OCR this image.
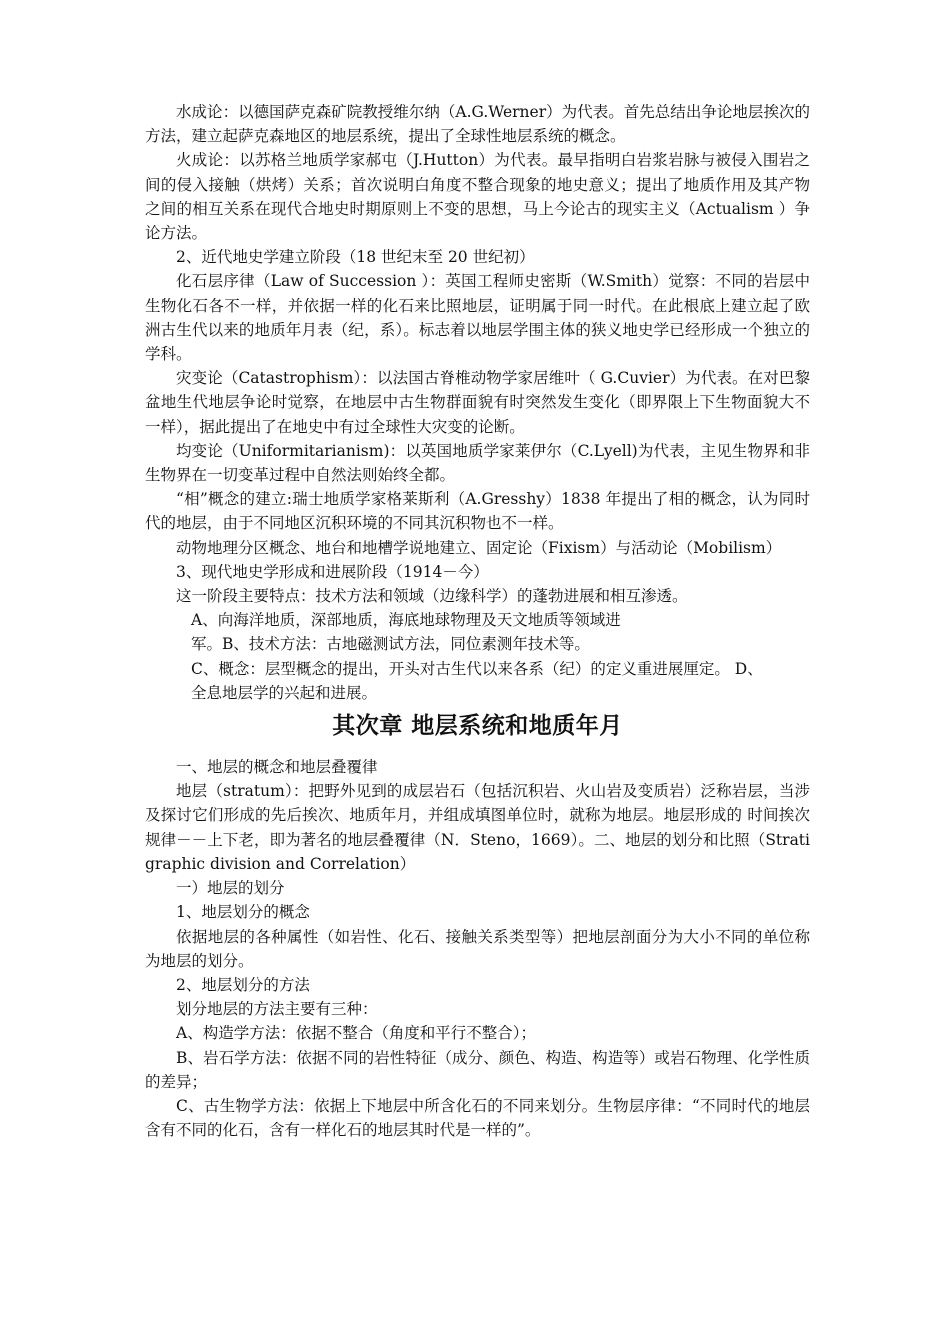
水成论：以德国萨克森矿院教授维尔纳（A.G.Werner）为代表。首先总结出争论地层挨次的方法，建立起萨克森地区的地层系统，提出了全球性地层系统的概念。

火成论：以苏格兰地质学家郝屯（J.Hutton）为代表。最早指明白岩浆岩脉与被侵入围岩之间的侵入接触（烘烤）关系；首次说明白角度不整合现象的地史意义；提出了地质作用及其产物之间的相互关系在现代合地史时期原则上不变的思想，马上今论古的现实主义（Actualism ）争论方法。

2、近代地史学建立阶段（18 世纪末至 20 世纪初）

化石层序律（Law of Succession ）：英国工程师史密斯（W.Smith）觉察：不同的岩层中生物化石各不一样，并依据一样的化石来比照地层，证明属于同一时代。在此根底上建立起了欧洲古生代以来的地质年月表（纪，系）。标志着以地层学围主体的狭义地史学已经形成一个独立的学科。

灾变论（Catastrophism）：以法国古脊椎动物学家居维叶（ G.Cuvier）为代表。在对巴黎盆地生代地层争论时觉察，在地层中古生物群面貌有时突然发生变化（即界限上下生物面貌大不一样），据此提出了在地史中有过全球性大灾变的论断。

均变论（Uniformitarianism)：以英国地质学家莱伊尔（C.Lyell)为代表，主见生物界和非生物界在一切变革过程中自然法则始终全都。

“相”概念的建立:瑞士地质学家格莱斯利（A.Gresshy）1838 年提出了相的概念，认为同时代的地层，由于不同地区沉积环境的不同其沉积物也不一样。

动物地理分区概念、地台和地槽学说地建立、固定论（Fixism）与活动论（Mobilism）

3、现代地史学形成和进展阶段（1914－今）

这一阶段主要特点：技术方法和领域（边缘科学）的蓬勃进展和相互渗透。

A、向海洋地质，深部地质，海底地球物理及天文地质等领域进

军。B、技术方法：古地磁测试方法，同位素测年技术等。

C、概念：层型概念的提出，开头对古生代以来各系（纪）的定义重进展厘定。 D、

全息地层学的兴起和进展。

其次章 地层系统和地质年月

一、地层的概念和地层叠覆律

地层（stratum）：把野外见到的成层岩石（包括沉积岩、火山岩及变质岩）泛称岩层，当涉及探讨它们形成的先后挨次、地质年月，并组成填图单位时，就称为地层。地层形成的 时间挨次规律－－上下老，即为著名的地层叠覆律（N．Steno，1669）。二、地层的划分和比照（Stratigraphic division and Correlation）

一）地层的划分

1、地层划分的概念

依据地层的各种属性（如岩性、化石、接触关系类型等）把地层剖面分为大小不同的单位称为地层的划分。

2、地层划分的方法

划分地层的方法主要有三种：

A、构造学方法：依据不整合（角度和平行不整合）；

B、岩石学方法：依据不同的岩性特征（成分、颜色、构造、构造等）或岩石物理、化学性质的差异；

C、古生物学方法：依据上下地层中所含化石的不同来划分。生物层序律：“不同时代的地层含有不同的化石，含有一样化石的地层其时代是一样的”。
